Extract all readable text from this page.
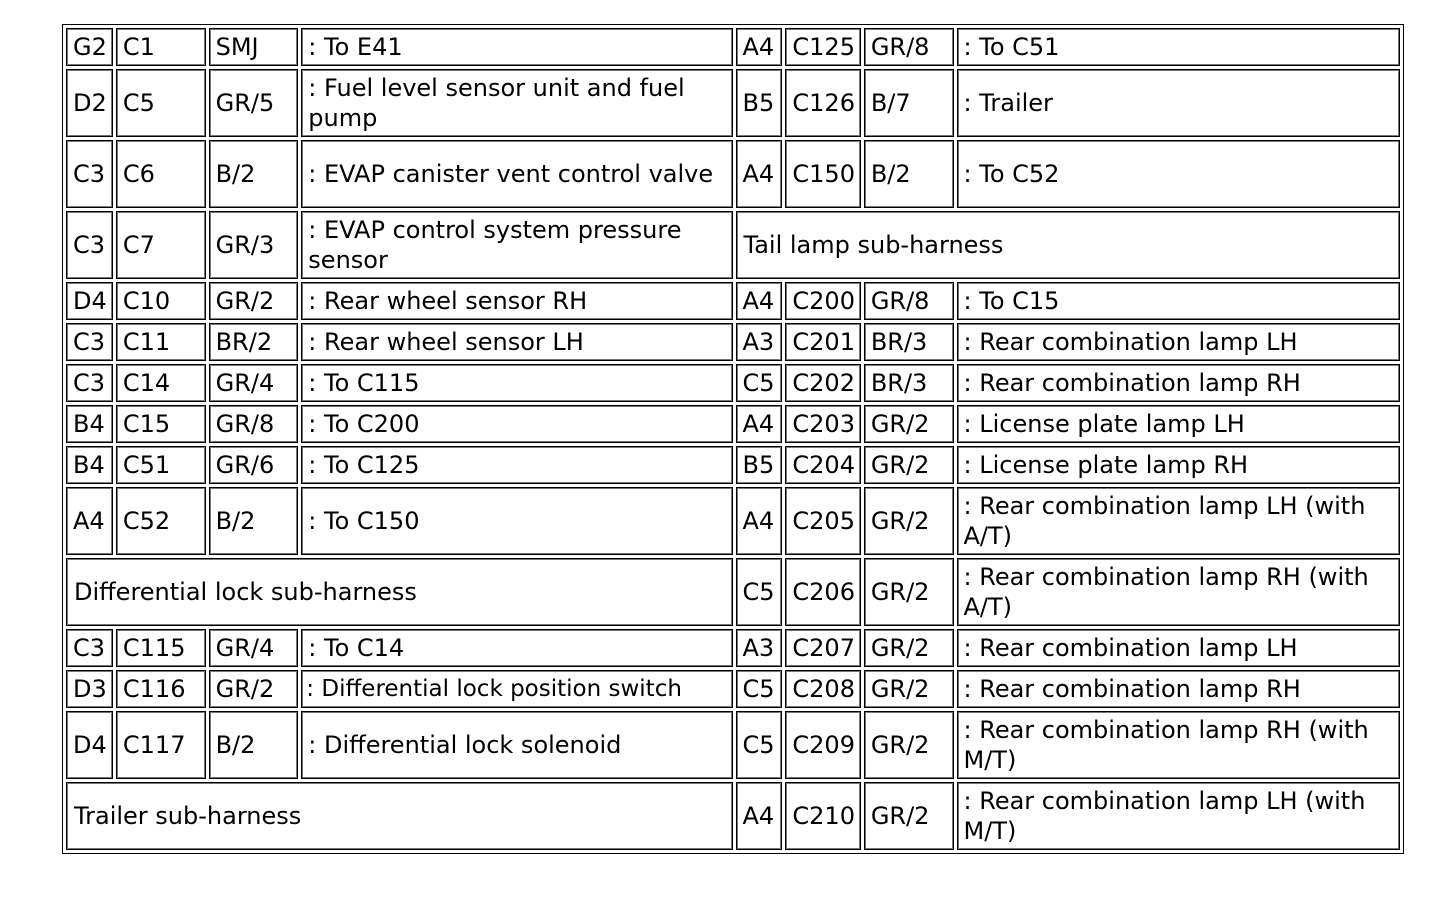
G2	C1	SMJ	: To E41	A4	C125	GR/8	: To C51
D2	C5	GR/5	: Fuel level sensor unit and fuel pump	B5	C126	B/7	: Trailer
C3	C6	B/2	: EVAP canister vent control valve	A4	C150	B/2	: To C52
C3	C7	GR/3	: EVAP control system pressure sensor	Tail lamp sub-harness			
D4	C10	GR/2	: Rear wheel sensor RH	A4	C200	GR/8	: To C15
C3	C11	BR/2	: Rear wheel sensor LH	A3	C201	BR/3	: Rear combination lamp LH
C3	C14	GR/4	: To C115	C5	C202	BR/3	: Rear combination lamp RH
B4	C15	GR/8	: To C200	A4	C203	GR/2	: License plate lamp LH
B4	C51	GR/6	: To C125	B5	C204	GR/2	: License plate lamp RH
A4	C52	B/2	: To C150	A4	C205	GR/2	: Rear combination lamp LH (with A/T)
Differential lock sub-harness				C5	C206	GR/2	: Rear combination lamp RH (with A/T)
C3	C115	GR/4	: To C14	A3	C207	GR/2	: Rear combination lamp LH
D3	C116	GR/2	: Differential lock position switch	C5	C208	GR/2	: Rear combination lamp RH
D4	C117	B/2	: Differential lock solenoid	C5	C209	GR/2	: Rear combination lamp RH (with M/T)
Trailer sub-harness				A4	C210	GR/2	: Rear combination lamp LH (with M/T)
